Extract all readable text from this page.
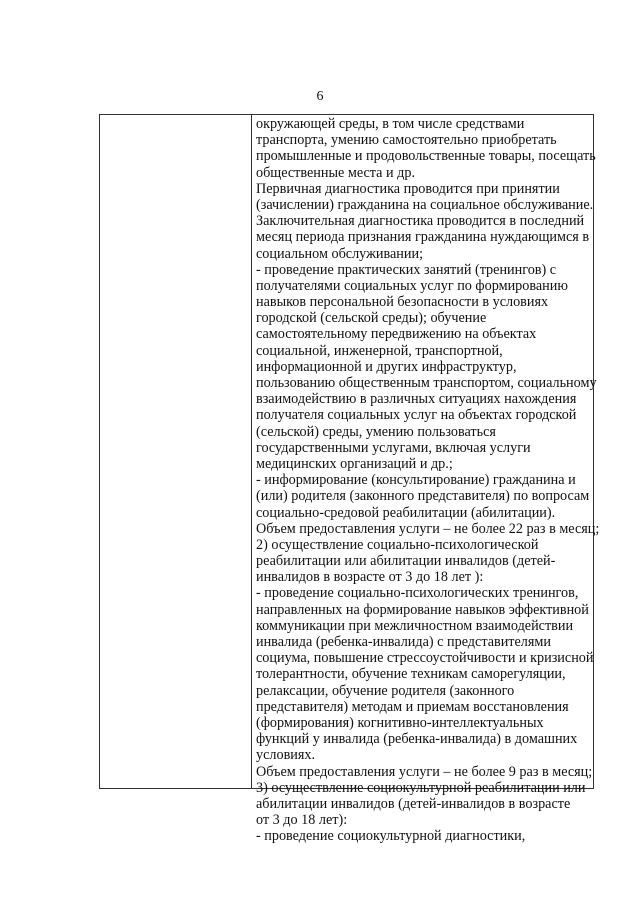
6
окружающей среды, в том числе средствами
транспорта, умению самостоятельно приобретать
промышленные и продовольственные товары, посещать
общественные места и др.
Первичная диагностика проводится при принятии
(зачислении) гражданина на социальное обслуживание.
Заключительная диагностика проводится в последний
месяц периода признания гражданина нуждающимся в
социальном обслуживании;
- проведение практических занятий (тренингов) с
получателями социальных услуг по формированию
навыков персональной безопасности в условиях
городской (сельской среды); обучение
самостоятельному передвижению на объектах
социальной, инженерной, транспортной,
информационной и других инфраструктур,
пользованию общественным транспортом, социальному
взаимодействию в различных ситуациях нахождения
получателя социальных услуг на объектах городской
(сельской) среды, умению пользоваться
государственными услугами, включая услуги
медицинских организаций и др.;
- информирование (консультирование) гражданина и
(или) родителя (законного представителя) по вопросам
социально-средовой реабилитации (абилитации).
Объем предоставления услуги – не более 22 раз в месяц;
2) осуществление социально-психологической
реабилитации или абилитации инвалидов (детей-
инвалидов в возрасте от 3 до 18 лет ):
- проведение социально-психологических тренингов,
направленных на формирование навыков эффективной
коммуникации при межличностном взаимодействии
инвалида (ребенка-инвалида) с представителями
социума, повышение стрессоустойчивости и кризисной
толерантности, обучение техникам саморегуляции,
релаксации, обучение родителя (законного
представителя) методам и приемам восстановления
(формирования) когнитивно-интеллектуальных
функций у инвалида (ребенка-инвалида) в домашних
условиях.
Объем предоставления услуги – не более 9 раз в месяц;
3) осуществление социокультурной реабилитации или
абилитации инвалидов (детей-инвалидов в возрасте
от 3 до 18 лет):
- проведение социокультурной диагностики,
